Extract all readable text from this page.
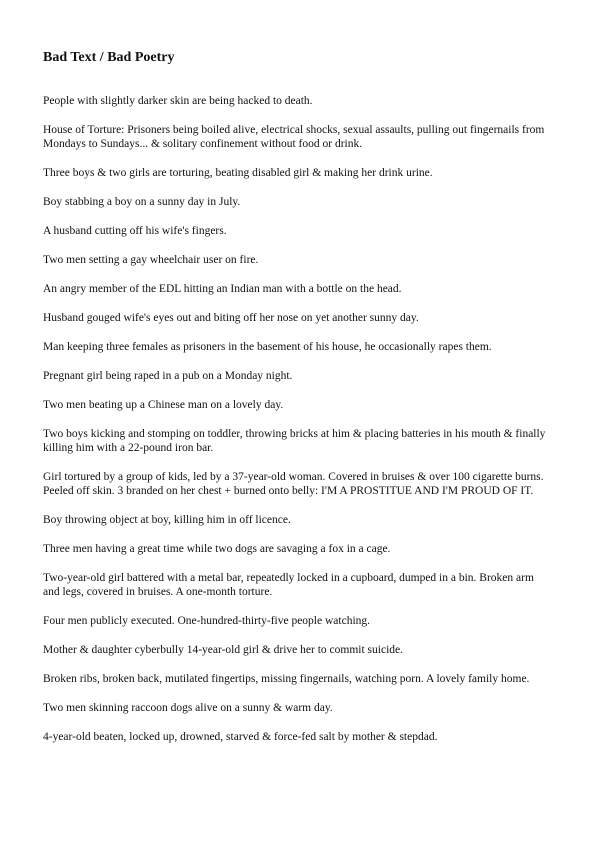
Bad Text / Bad Poetry

People with slightly darker skin are being hacked to death.

House of Torture: Prisoners being boiled alive, electrical shocks, sexual assaults, pulling out fingernails from Mondays to Sundays... & solitary confinement without food or drink.

Three boys & two girls are torturing, beating disabled girl & making her drink urine.

Boy stabbing a boy on a sunny day in July.

A husband cutting off his wife's fingers.

Two men setting a gay wheelchair user on fire.

An angry member of the EDL hitting an Indian man with a bottle on the head.

Husband gouged wife's eyes out and biting off her nose on yet another sunny day.

Man keeping three females as prisoners in the basement of his house, he occasionally rapes them.

Pregnant girl being raped in a pub on a Monday night.

Two men beating up a Chinese man on a lovely day.

Two boys kicking and stomping on toddler, throwing bricks at him & placing batteries in his mouth & finally killing him with a 22-pound iron bar.

Girl tortured by a group of kids, led by a 37-year-old woman. Covered in bruises & over 100 cigarette burns. Peeled off skin. 3 branded on her chest + burned onto belly: I'M A PROSTITUE AND I'M PROUD OF IT.

Boy throwing object at boy, killing him in off licence.

Three men having a great time while two dogs are savaging a fox in a cage.

Two-year-old girl battered with a metal bar, repeatedly locked in a cupboard, dumped in a bin. Broken arm and legs, covered in bruises. A one-month torture.

Four men publicly executed. One-hundred-thirty-five people watching.

Mother & daughter cyberbully 14-year-old girl & drive her to commit suicide.

Broken ribs, broken back, mutilated fingertips, missing fingernails, watching porn. A lovely family home.

Two men skinning raccoon dogs alive on a sunny & warm day.

4-year-old beaten, locked up, drowned, starved & force-fed salt by mother & stepdad.
